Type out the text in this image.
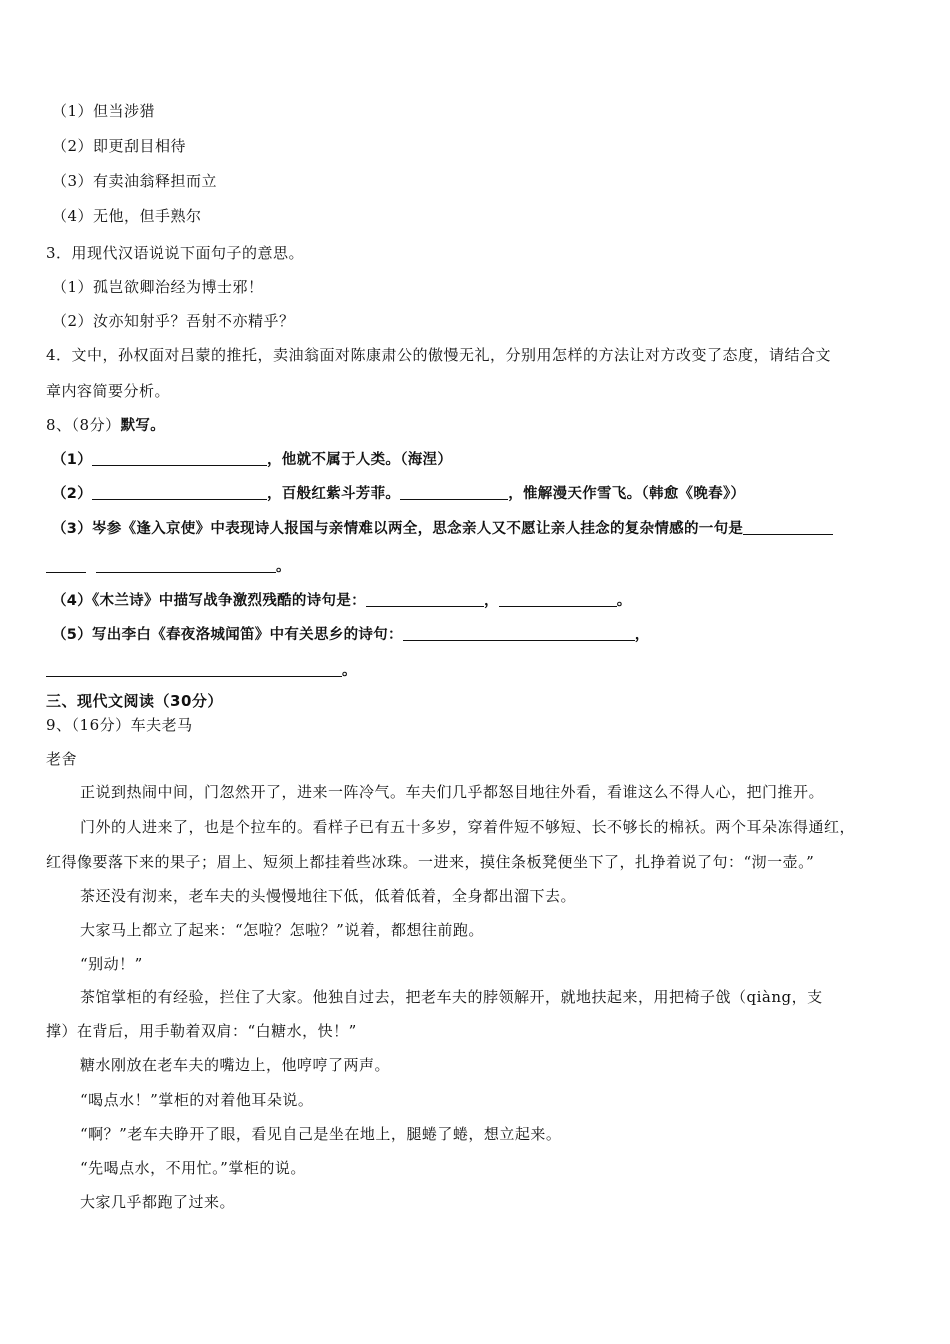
（1）但当涉猎
（2）即更刮目相待
（3）有卖油翁释担而立
（4）无他，但手熟尔
3．用现代汉语说说下面句子的意思。
（1）孤岂欲卿治经为博士邪！
（2）汝亦知射乎？吾射不亦精乎？
4．文中，孙权面对吕蒙的推托，卖油翁面对陈康肃公的傲慢无礼，分别用怎样的方法让对方改变了态度，请结合文
章内容简要分析。
8、（8分）默写。
（1）	，他就不属于人类。（海涅）
（2）	，百般红紫斗芳菲。	，惟解漫天作雪飞。（韩愈《晚春》）
（3）岑参《逢入京使》中表现诗人报国与亲情难以两全，思念亲人又不愿让亲人挂念的复杂情感的一句是
。
（4）《木兰诗》中描写战争激烈残酷的诗句是：	，	。
（5）写出李白《春夜洛城闻笛》中有关思乡的诗句：	，
。
三、现代文阅读（30分）
9、（16分）车夫老马
老舍
正说到热闹中间，门忽然开了，进来一阵冷气。车夫们几乎都怒目地往外看，看谁这么不得人心，把门推开。
门外的人进来了，也是个拉车的。看样子已有五十多岁，穿着件短不够短、长不够长的棉袄。两个耳朵冻得通红，
红得像要落下来的果子；眉上、短须上都挂着些冰珠。一进来，摸住条板凳便坐下了，扎挣着说了句：“沏一壶。”
茶还没有沏来，老车夫的头慢慢地往下低，低着低着，全身都出溜下去。
大家马上都立了起来：“怎啦？怎啦？”说着，都想往前跑。
“别动！”
茶馆掌柜的有经验，拦住了大家。他独自过去，把老车夫的脖领解开，就地扶起来，用把椅子戗（qiàng，支
撑）在背后，用手勒着双肩：“白糖水，快！”
糖水刚放在老车夫的嘴边上，他哼哼了两声。
“喝点水！”掌柜的对着他耳朵说。
“啊？”老车夫睁开了眼，看见自己是坐在地上，腿蜷了蜷，想立起来。
“先喝点水，不用忙。”掌柜的说。
大家几乎都跑了过来。
